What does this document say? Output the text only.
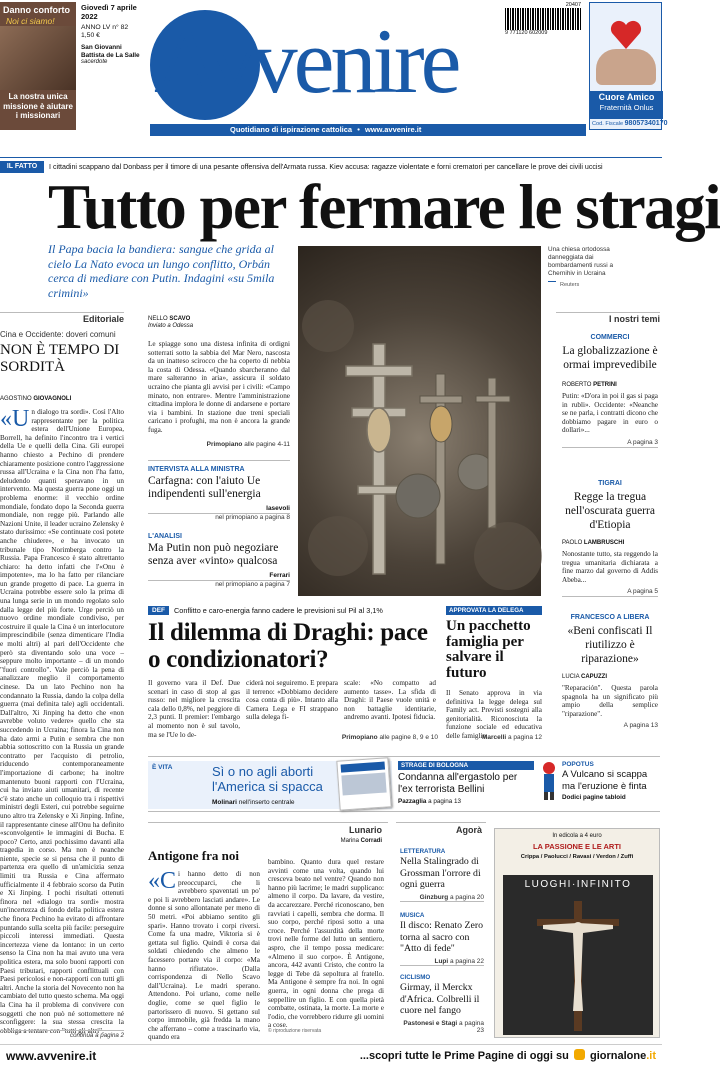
Danno conforto
Noi ci siamo!
La nostra unica missione è aiutare i missionari
Giovedì 7 aprile 2022
ANNO LV n° 82
1,50 €
San Giovanni Battista de La Salle
sacerdote Avvenire
20407
9 771120 602009
Cuore Amico
Fraternità Onlus
Cod. Fiscale 98057340170
Quotidiano di ispirazione cattolica • www.avvenire.it
IL FATTO	I cittadini scappano dal Donbass per il timore di una pesante offensiva dell'Armata russa. Kiev accusa: ragazze violentate e forni crematori per cancellare le prove dei civili uccisi
Tutto per fermare le stragi
Il Papa bacia la bandiera: sangue che grida al cielo La Nato evoca un lungo conflitto, Orbán cerca di mediare con Putin. Indagini «su 5mila crimini»
Una chiesa ortodossa danneggiata dai bombardamenti russi a Chernihiv in Ucraina
Reuters
Editoriale
Cina e Occidente: doveri comuni
NON È TEMPO DI SORDITÀ
AGOSTINO GIOVAGNOLI
«Un dialogo tra sordi». Così l'Alto rappresentante per la politica estera dell'Unione Europea, Borrell, ha definito l'incontro tra i vertici della Ue e quelli della Cina. Gli europei hanno chiesto a Pechino di prendere chiaramente posizione contro l'aggressione russa all'Ucraina e la Cina non l'ha fatto, deludendo quanti speravano in un intervento. Ma questa guerra pone oggi un problema enorme: il vecchio ordine mondiale, fondato dopo la Seconda guerra mondiale, non regge più. Parlando alle Nazioni Unite, il leader ucraino Zelensky è stato durissimo: «Se continuate così potete anche chiudere», e ha invocato un tribunale tipo Norimberga contro la Russia. Papa Francesco è stato altrettanto chiaro: ha detto infatti che l'«Onu è impotente», ma lo ha fatto per rilanciare un grande progetto di pace. La guerra in Ucraina potrebbe essere solo la prima di una lunga serie in un mondo regolato solo dalla legge del più forte. Urge perciò un nuovo ordine mondiale condiviso, per costruire il quale la Cina è un interlocutore imprescindibile (senza dimenticare l'India e molti altri) al pari dell'Occidente che però sta diventando solo una voce – seppure molto importante – di un mondo "fuori controllo". Vale perciò la pena di analizzare meglio il comportamento cinese. Da un lato Pechino non ha condannato la Russia, dando la colpa della guerra (mai definita tale) agli occidentali. Dall'altro, Xi Jinping ha detto che «non avrebbe voluto vedere» quello che sta succedendo in Ucraina; finora la Cina non ha dato armi a Putin e sembra che non abbia sottoscritto con la Russia un grande contratto per l'acquisto di petrolio, riducendo contemporaneamente l'importazione di carbone; ha inoltre mantenuto buoni rapporti con l'Ucraina, cui ha inviato aiuti umanitari, di recente c'è stato anche un colloquio tra i rispettivi ministri degli Esteri, cui potrebbe seguirne uno altro tra Zelensky e Xi Jinping. Infine, il rappresentante cinese all'Onu ha definito «sconvolgenti» le immagini di Bucha. E poco? Certo, anzi pochissimo davanti alla tragedia in corso. Ma non è neanche niente, specie se si pensa che il punto di partenza era quello di un'amicizia senza limiti tra Russia e Cina affermato ufficialmente il 4 febbraio scorso da Putin e Xi Jinping. I pochi risultati ottenuti finora nel «dialogo tra sordi» mostra un'incertezza di fondo della politica estera che finora Pechino ha evitato di affrontare puntando sulla scelta più facile: perseguire piccoli interessi immediati. Questa incertezza viene da lontano: in un certo senso la Cina non ha mai avuto una vera politica estera, ma solo buoni rapporti con Paesi tributari, rapporti conflittuali con Paesi pericolosi e non-rapporti con tutti gli altri. Anche la storia del Novecento non ha cambiato del tutto questo schema. Ma oggi la Cina ha il problema di convivere con soggetti che non può né sottomettere né sconfiggere: la sua stessa crescita la obbliga a tentare con "tutti gli altri".
continua a pagina 2
NELLO SCAVO
Inviato a Odessa
Le spiagge sono una distesa infinita di ordigni sotterrati sotto la sabbia del Mar Nero, nascosta da un inatteso scirocco che ha coperto di nebbia la costa di Odessa. «Quando sbarcheranno dal mare salteranno in aria», assicura il soldato ucraino che pianta gli avvisi per i civili: «Campo minato, non entrare». Mentre l'amministrazione cittadina implora le donne di andarsene e portare via i bambini. In stazione due treni speciali caricano i profughi, ma non è ancora la grande fuga.
Primopiano alle pagine 4-11
INTERVISTA ALLA MINISTRA
Carfagna: con l'aiuto Ue indipendenti sull'energia
Iasevoli
nel primopiano a pagina 8
L'ANALISI
Ma Putin non può negoziare senza aver «vinto» qualcosa
Ferrari
nel primopiano a pagina 7
DEF	Conflitto e caro-energia fanno cadere le previsioni sul Pil al 3,1%
Il dilemma di Draghi: pace o condizionatori?
Il governo vara il Def. Due scenari in caso di stop al gas russo: nel migliore la crescita cala dello 0,8%, nel peggiore di 2,3 punti. Il premier: l'embargo al momento non è sul tavolo, ma se l'Ue lo de-
ciderà noi seguiremo. E prepara il terreno: «Dobbiamo decidere cosa conta di più». Intanto alla Camera Lega e FI strappano sulla delega fi-
scale: «No compatto ad aumento tasse». La sfida di Draghi: il Paese vuole unità e non battaglie identitarie, andremo avanti. Ipotesi fiducia.
Primopiano alle pagine 8, 9 e 10
APPROVATA LA DELEGA
Un pacchetto famiglia per salvare il futuro
Il Senato approva in via definitiva la legge delega sul Family act. Previsti sostegni alla genitorialità. Riconosciuta la funzione sociale ed educativa delle famiglie.
Marcelli a pagina 12
I nostri temi
COMMERCI
La globalizzazione è ormai imprevedibile
ROBERTO PETRINI
Putin: «D'ora in poi il gas si paga in rubli». Occidente: «Neanche se ne parla, i contratti dicono che dobbiamo pagare in euro o dollari»...
A pagina 3
TIGRAI
Regge la tregua nell'oscurata guerra d'Etiopia
PAOLO LAMBRUSCHI
Nonostante tutto, sta reggendo la tregua umanitaria dichiarata a fine marzo dal governo di Addis Abeba...
A pagina 5
FRANCESCO A LIBERA
«Beni confiscati Il riutilizzo è riparazione»
LUCIA CAPUZZI
"Reparación". Questa parola spagnola ha un significato più ampio della semplice "riparazione".
A pagina 13
È VITA	Sì o no agli aborti l'America si spacca
Molinari nell'inserto centrale
STRAGE DI BOLOGNA
Condanna all'ergastolo per l'ex terrorista Bellini
Pazzaglia a pagina 13
POPOTUS
A Vulcano si scappa ma l'eruzione è finta
Dodici pagine tabloid
Lunario
Marina Corradi
Antigone fra noi
«Ci hanno detto di non preoccuparci, che li avrebbero spaventati un po' e poi li avrebbero lasciati andare». Le donne si sono allontanate per meno di 50 metri. «Poi abbiamo sentito gli spari». Hanno trovato i corpi riversi. Come fa una madre, Viktoria si è gettata sul figlio. Quindi è corsa dai soldati chiedendo che almeno le facessero portare via il corpo: «Ma hanno rifiutato». (Dalla corrispondenza di Nello Scavo dall'Ucraina). Le madri sperano. Attendono. Poi urlano, come nelle doglie, come se quel figlio le partorissero di nuovo. Si gettano sul corpo immobile, già fredda la mano che afferrano – come a trascinarlo via, quando era
bambino. Quanto dura quel restare avvinti come una volta, quando lui cresceva beato nel ventre? Quando non hanno più lacrime; le madri supplicano: almeno il corpo. Da lavare, da vestire, da accarezzare. Perché riconoscano, ben ravviati i capelli, sembra che dorma. Il suo corpo, perché riposi sotto a una croce. Perché l'assurdità della morte trovi nelle forme del lutto un sentiero, aspro, che il tempo possa medicare: «Almeno il suo corpo». È Antigone, ancora, 442 avanti Cristo, che contro la legge di Tebe dà sepoltura al fratello. Ma Antigone è sempre fra noi. In ogni guerra, in ogni donna che prega di seppellire un figlio. E con quella pietà combatte, ostinata, la morte. La morte e l'odio, che vorrebbero ridurre gli uomini a cose.
© riproduzione riservata
Agorà
LETTERATURA
Nella Stalingrado di Grossman l'orrore di ogni guerra
Ginzburg a pagina 20
MUSICA
Il disco: Renato Zero torna al sacro con "Atto di fede"
Lupi a pagina 22
CICLISMO
Girmay, il Merckx d'Africa. Colbrelli il cuore nel fango
Pastonesi e Stagi a pagina 23
In edicola a 4 euro
LA PASSIONE E LE ARTI
Crippa / Paolucci / Ravasi / Verdon / Zuffi
LUOGHI·INFINITO
www.avvenire.it	...scopri tutte le Prime Pagine di oggi su giornalone.it
